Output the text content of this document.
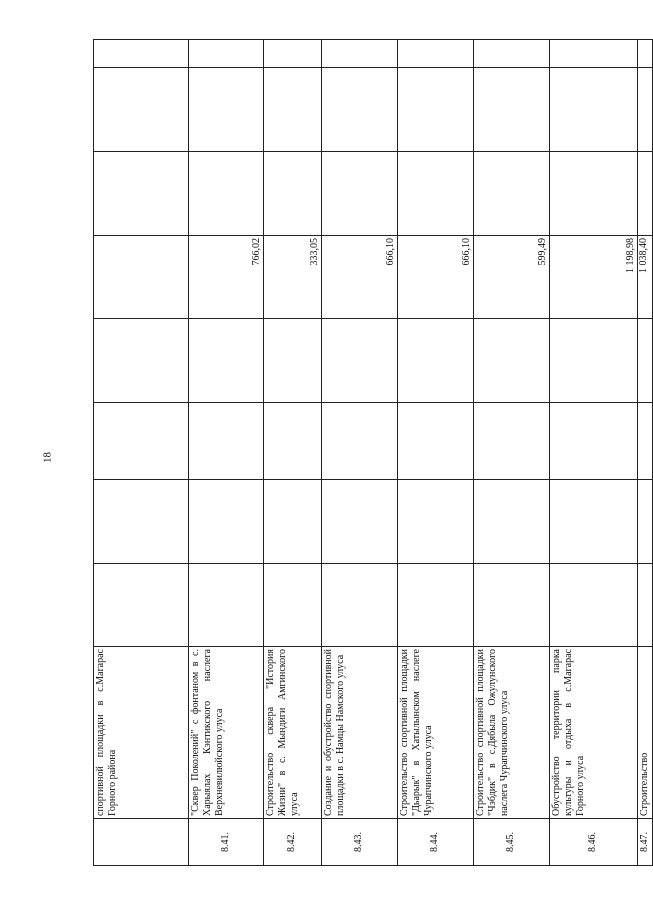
18
	спортивной площадки в с.Магарас Горного района								
8.41.	"Сквер Поколений" с фонтаном в с. Харыялах Кэнтикского наслега Верхневилюйского улуса					766,02			
8.42.	Строительство сквера "История Жизни" в с. Мындиги Амгинского улуса					333,05			
8.43.	Создание и обустройство спортивной площадки в с. Намцы Намского улуса					666,10			
8.44.	Строительство спортивной площадки "Дьарык" в Хатылынском наслеге Чурапчинского улуса					666,10			
8.45.	Строительство спортивной площадки "Чэбдик" в с.Дябыла Ожулунского наслега Чурапчинского улуса					599,49			
8.46.	Обустройство территории парка культуры и отдыха в с.Магарас Горного улуса					1 198,98			
8.47.	Строительство					1 038,40			
